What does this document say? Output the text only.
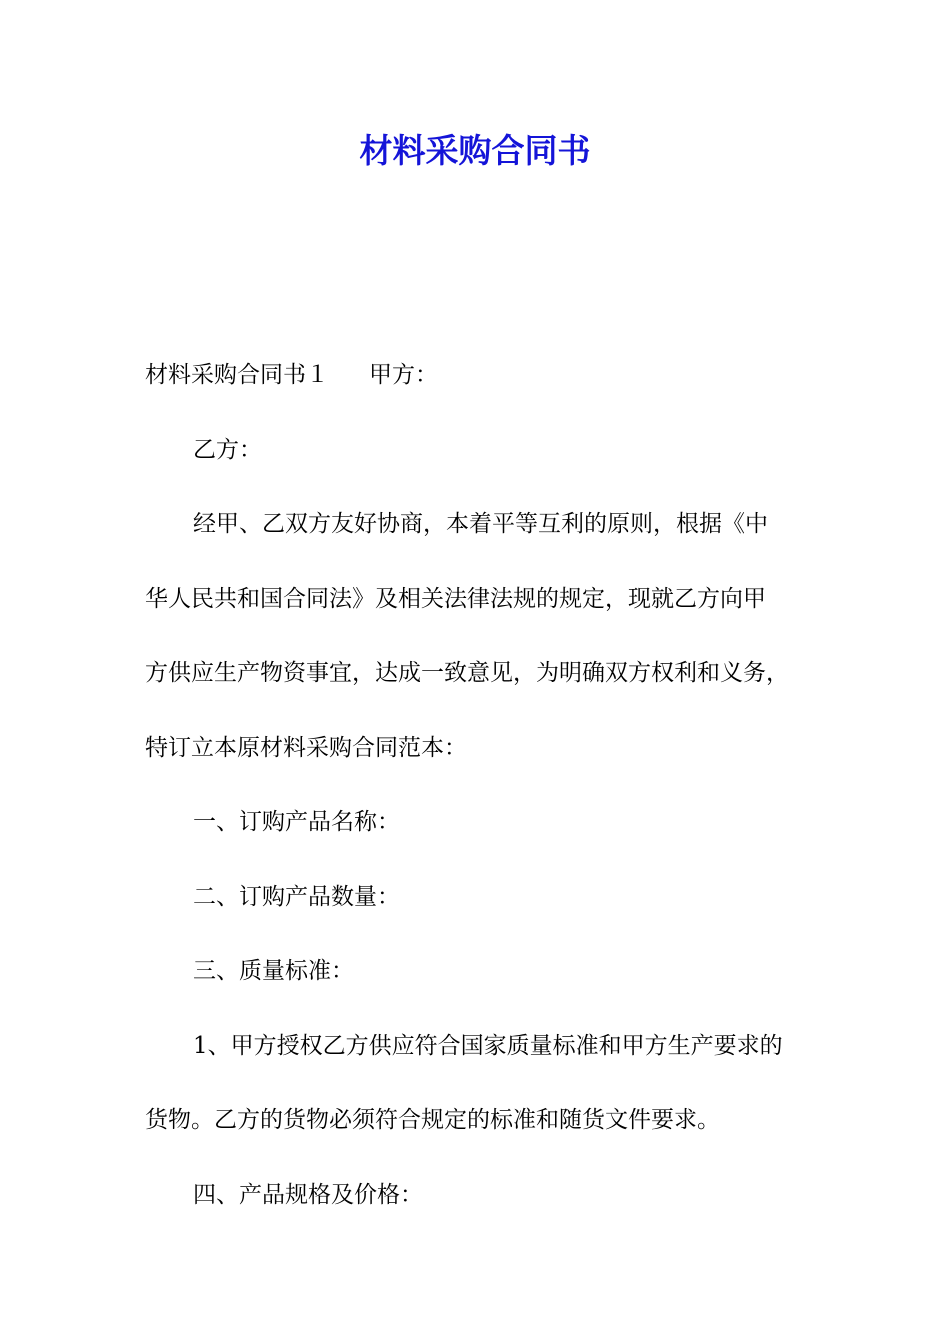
材料采购合同书
材料采购合同书１ 甲方：
乙方：
经甲、乙双方友好协商，本着平等互利的原则，根据《中
华人民共和国合同法》及相关法律法规的规定，现就乙方向甲
方供应生产物资事宜，达成一致意见，为明确双方权利和义务，
特订立本原材料采购合同范本：
一、订购产品名称：
二、订购产品数量：
三、质量标准：
1、甲方授权乙方供应符合国家质量标准和甲方生产要求的
货物。乙方的货物必须符合规定的标准和随货文件要求。
四、产品规格及价格：
